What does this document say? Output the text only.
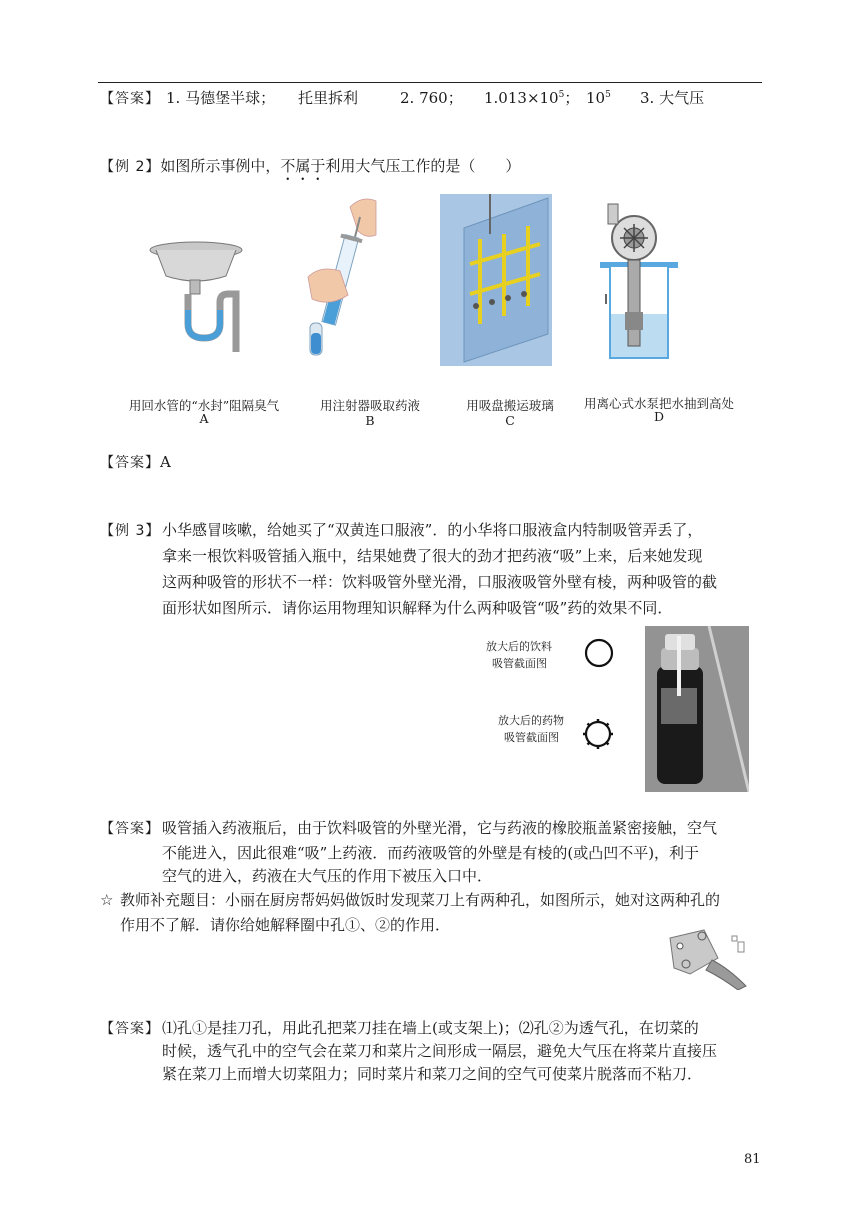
【答案】 1. 马德堡半球； 托里拆利	2. 760； $1.013\times 10^5$； $10^5$ 3. 大气压
【例 2】如图所示事例中，不属于利用大气压工作的是（　　）
用回水管的“水封”阻隔臭气
A
用注射器吸取药液
B
用吸盘搬运玻璃
C
用离心式水泵把水抽到高处
D
【答案】A
【例 3】 小华感冒咳嗽，给她买了“双黄连口服液”．的小华将口服液盒内特制吸管弄丢了，
拿来一根饮料吸管插入瓶中，结果她费了很大的劲才把药液“吸”上来，后来她发现
这两种吸管的形状不一样：饮料吸管外壁光滑，口服液吸管外壁有棱，两种吸管的截
面形状如图所示．请你运用物理知识解释为什么两种吸管“吸”药的效果不同．
放大后的饮料
吸管截面图
放大后的药物
吸管截面图
【答案】 吸管插入药液瓶后，由于饮料吸管的外壁光滑，它与药液的橡胶瓶盖紧密接触，空气
不能进入，因此很难“吸”上药液．而药液吸管的外壁是有棱的(或凸凹不平)，利于
空气的进入，药液在大气压的作用下被压入口中．
☆ 教师补充题目：小丽在厨房帮妈妈做饭时发现菜刀上有两种孔，如图所示，她对这两种孔的
作用不了解．请你给她解释圈中孔①、②的作用．
【答案】 ⑴孔①是挂刀孔，用此孔把菜刀挂在墙上(或支架上)；⑵孔②为透气孔，在切菜的
时候，透气孔中的空气会在菜刀和菜片之间形成一隔层，避免大气压在将菜片直接压
紧在菜刀上而增大切菜阻力；同时菜片和菜刀之间的空气可使菜片脱落而不粘刀．
81
